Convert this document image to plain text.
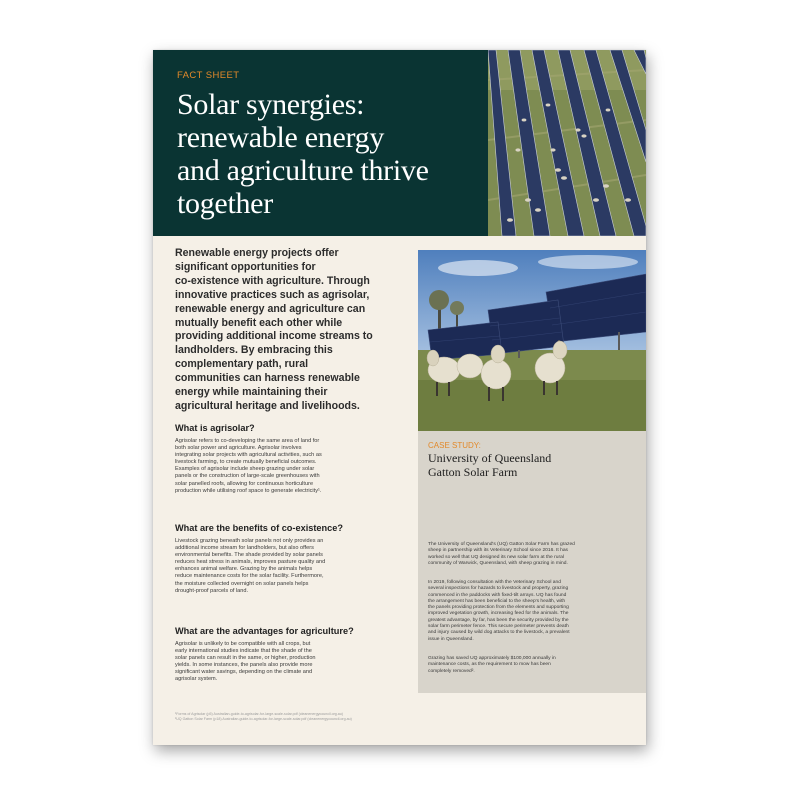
FACT SHEET
Solar synergies:
renewable energy
and agriculture thrive
together
Renewable energy projects offer
significant opportunities for
co-existence with agriculture. Through
innovative practices such as agrisolar,
renewable energy and agriculture can
mutually benefit each other while
providing additional income streams to
landholders. By embracing this
complementary path, rural
communities can harness renewable
energy while maintaining their
agricultural heritage and livelihoods.
What is agrisolar?

Agrisolar refers to co-developing the same area of land for
both solar power and agriculture. Agrisolar involves
integrating solar projects with agricultural activities, such as
livestock farming, to create mutually beneficial outcomes.
Examples of agrisolar include sheep grazing under solar
panels or the construction of large-scale greenhouses with
solar panelled roofs, allowing for continuous horticulture
production while utilising roof space to generate electricity¹.

What are the benefits of co-existence?

Livestock grazing beneath solar panels not only provides an
additional income stream for landholders, but also offers
environmental benefits. The shade provided by solar panels
reduces heat stress in animals, improves pasture quality and
enhances animal welfare. Grazing by the animals helps
reduce maintenance costs for the solar facility. Furthermore,
the moisture collected overnight on solar panels helps
drought-proof parcels of land.

What are the advantages for agriculture?

Agrisolar is unlikely to be compatible with all crops, but
early international studies indicate that the shade of the
solar panels can result in the same, or higher, production
yields. In some instances, the panels also provide more
significant water savings, depending on the climate and
agrisolar system.

¹Forms of Agrisolar (p5) Australian-guide-to-agrisolar-for-large-scale-solar.pdf (cleanenergycouncil.org.au)
²UQ Gatton Solar Farm (p18) Australian-guide-to-agrisolar-for-large-scale-solar.pdf (cleanenergycouncil.org.au)
CASE STUDY:
University of Queensland
Gatton Solar Farm

The University of Queensland's (UQ) Gatton Solar Farm has grazed
sheep in partnership with its Veterinary School since 2016. It has
worked so well that UQ designed its new solar farm at the rural
community of Warwick, Queensland, with sheep grazing in mind.

In 2019, following consultation with the Veterinary School and
several inspections for hazards to livestock and property, grazing
commenced in the paddocks with fixed-tilt arrays. UQ has found
the arrangement has been beneficial to the sheep's health, with
the panels providing protection from the elements and supporting
improved vegetation growth, increasing feed for the animals. The
greatest advantage, by far, has been the security provided by the
solar farm perimeter fence. This secure perimeter prevents death
and injury caused by wild dog attacks to the livestock, a prevalent
issue in Queensland.

Grazing has saved UQ approximately $100,000 annually in
maintenance costs, as the requirement to mow has been
completely removed².
